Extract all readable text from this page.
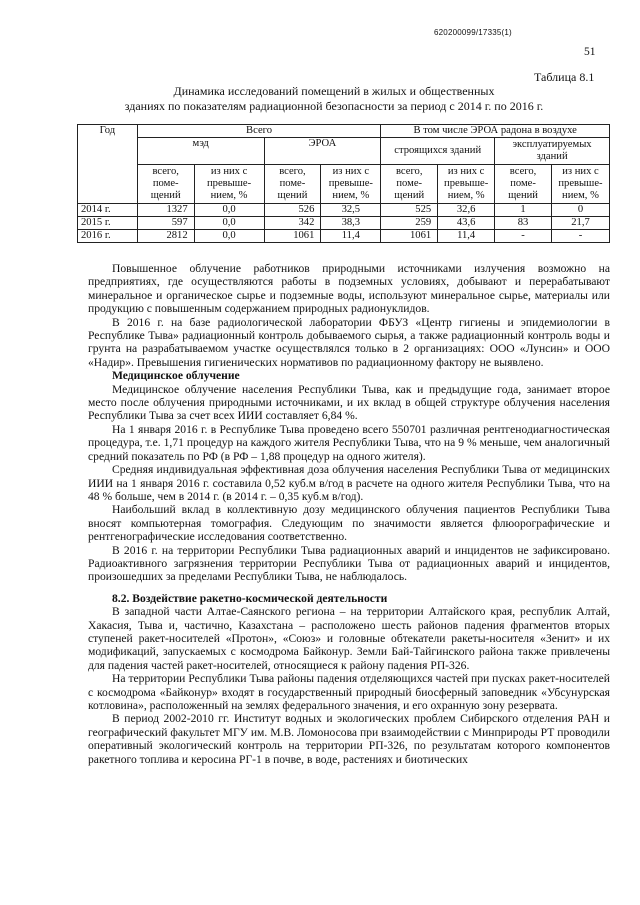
620200099/17335(1)
51
Таблица 8.1
Динамика исследований помещений в жилых и общественных
зданиях по показателям радиационной безопасности за период с 2014 г. по 2016 г.
Год	Всего				В том числе ЭРОА радона в воздухе			
	мэд		ЭРОА		строящихся зданий		эксплуатируемых зданий	
	всего, поме-щений	из них с превыше-нием, %	всего, поме-щений	из них с превыше-нием, %	всего, поме-щений	из них с превыше-нием, %	всего, поме-щений	из них с превыше-нием, %
2014 г.	1327	0,0	526	32,5	525	32,6	1	0
2015 г.	597	0,0	342	38,3	259	43,6	83	21,7
2016 г.	2812	0,0	1061	11,4	1061	11,4	-	-

Повышенное облучение работников природными источниками излучения возможно на предприятиях, где осуществляются работы в подземных условиях, добывают и перерабатывают минеральное и органическое сырье и подземные воды, используют минеральное сырье, материалы или продукцию с повышенным содержанием природных радионуклидов.

В 2016 г. на базе радиологической лаборатории ФБУЗ «Центр гигиены и эпидемиологии в Республике Тыва» радиационный контроль добываемого сырья, а также радиационный контроль воды и грунта на разрабатываемом участке осуществлялся только в 2 организациях: ООО «Лунсин» и ООО «Надир». Превышения гигиенических нормативов по радиационному фактору не выявлено.

Медицинское облучение

Медицинское облучение населения Республики Тыва, как и предыдущие года, занимает второе место после облучения природными источниками, и их вклад в общей структуре облучения населения Республики Тыва за счет всех ИИИ составляет 6,84 %.

На 1 января 2016 г. в Республике Тыва проведено всего 550701 различная рентгенодиагностическая процедура, т.е. 1,71 процедур на каждого жителя Республики Тыва, что на 9 % меньше, чем аналогичный средний показатель по РФ (в РФ – 1,88 процедур на одного жителя).

Средняя индивидуальная эффективная доза облучения населения Республики Тыва от медицинских ИИИ на 1 января 2016 г. составила 0,52 куб.м в/год в расчете на одного жителя Республики Тыва, что на 48 % больше, чем в 2014 г. (в 2014 г. – 0,35 куб.м в/год).

Наибольший вклад в коллективную дозу медицинского облучения пациентов Республики Тыва вносят компьютерная томография. Следующим по значимости является флюорографические и рентгенографические исследования соответственно.

В 2016 г. на территории Республики Тыва радиационных аварий и инцидентов не зафиксировано. Радиоактивного загрязнения территории Республики Тыва от радиационных аварий и инцидентов, произошедших за пределами Республики Тыва, не наблюдалось.

8.2. Воздействие ракетно-космической деятельности

В западной части Алтае-Саянского региона – на территории Алтайского края, республик Алтай, Хакасия, Тыва и, частично, Казахстана – расположено шесть районов падения фрагментов вторых ступеней ракет-носителей «Протон», «Союз» и головные обтекатели ракеты-носителя «Зенит» и их модификаций, запускаемых с космодрома Байконур. Земли Бай-Тайгинского района также привлечены для падения частей ракет-носителей, относящиеся к району падения РП-326.

На территории Республики Тыва районы падения отделяющихся частей при пусках ракет-носителей с космодрома «Байконур» входят в государственный природный биосферный заповедник «Убсунурская котловина», расположенный на землях федерального значения, и его охранную зону резервата.

В период 2002-2010 гг. Институт водных и экологических проблем Сибирского отделения РАН и географический факультет МГУ им. М.В. Ломоносова при взаимодействии с Минприроды РТ проводили оперативный экологический контроль на территории РП-326, по результатам которого компонентов ракетного топлива и керосина РГ-1 в почве, в воде, растениях и биотических
